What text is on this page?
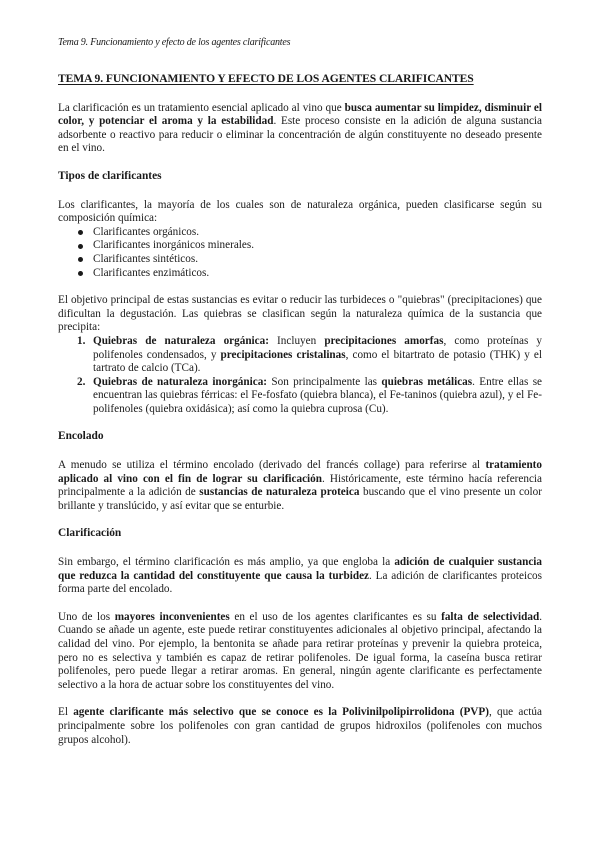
Tema 9. Funcionamiento y efecto de los agentes clarificantes
TEMA 9. FUNCIONAMIENTO Y EFECTO DE LOS AGENTES CLARIFICANTES

La clarificación es un tratamiento esencial aplicado al vino que busca aumentar su limpidez, disminuir el color, y potenciar el aroma y la estabilidad. Este proceso consiste en la adición de alguna sustancia adsorbente o reactivo para reducir o eliminar la concentración de algún constituyente no deseado presente en el vino.

Tipos de clarificantes

Los clarificantes, la mayoría de los cuales son de naturaleza orgánica, pueden clasificarse según su composición química:

Clarificantes orgánicos.
Clarificantes inorgánicos minerales.
Clarificantes sintéticos.
Clarificantes enzimáticos.

El objetivo principal de estas sustancias es evitar o reducir las turbideces o "quiebras" (precipitaciones) que dificultan la degustación. Las quiebras se clasifican según la naturaleza química de la sustancia que precipita:

1. Quiebras de naturaleza orgánica: Incluyen precipitaciones amorfas, como proteínas y polifenoles condensados, y precipitaciones cristalinas, como el bitartrato de potasio (THK) y el tartrato de calcio (TCa).
2. Quiebras de naturaleza inorgánica: Son principalmente las quiebras metálicas. Entre ellas se encuentran las quiebras férricas: el Fe-fosfato (quiebra blanca), el Fe-taninos (quiebra azul), y el Fe-polifenoles (quiebra oxidásica); así como la quiebra cuprosa (Cu).
Encolado

A menudo se utiliza el término encolado (derivado del francés collage) para referirse al tratamiento aplicado al vino con el fin de lograr su clarificación. Históricamente, este término hacía referencia principalmente a la adición de sustancias de naturaleza proteica buscando que el vino presente un color brillante y translúcido, y así evitar que se enturbie.

Clarificación

Sin embargo, el término clarificación es más amplio, ya que engloba la adición de cualquier sustancia que reduzca la cantidad del constituyente que causa la turbidez. La adición de clarificantes proteicos forma parte del encolado.

Uno de los mayores inconvenientes en el uso de los agentes clarificantes es su falta de selectividad. Cuando se añade un agente, este puede retirar constituyentes adicionales al objetivo principal, afectando la calidad del vino. Por ejemplo, la bentonita se añade para retirar proteínas y prevenir la quiebra proteica, pero no es selectiva y también es capaz de retirar polifenoles. De igual forma, la caseína busca retirar polifenoles, pero puede llegar a retirar aromas. En general, ningún agente clarificante es perfectamente selectivo a la hora de actuar sobre los constituyentes del vino.

El agente clarificante más selectivo que se conoce es la Polivinilpolipirrolidona (PVP), que actúa principalmente sobre los polifenoles con gran cantidad de grupos hidroxilos (polifenoles con muchos grupos alcohol).
